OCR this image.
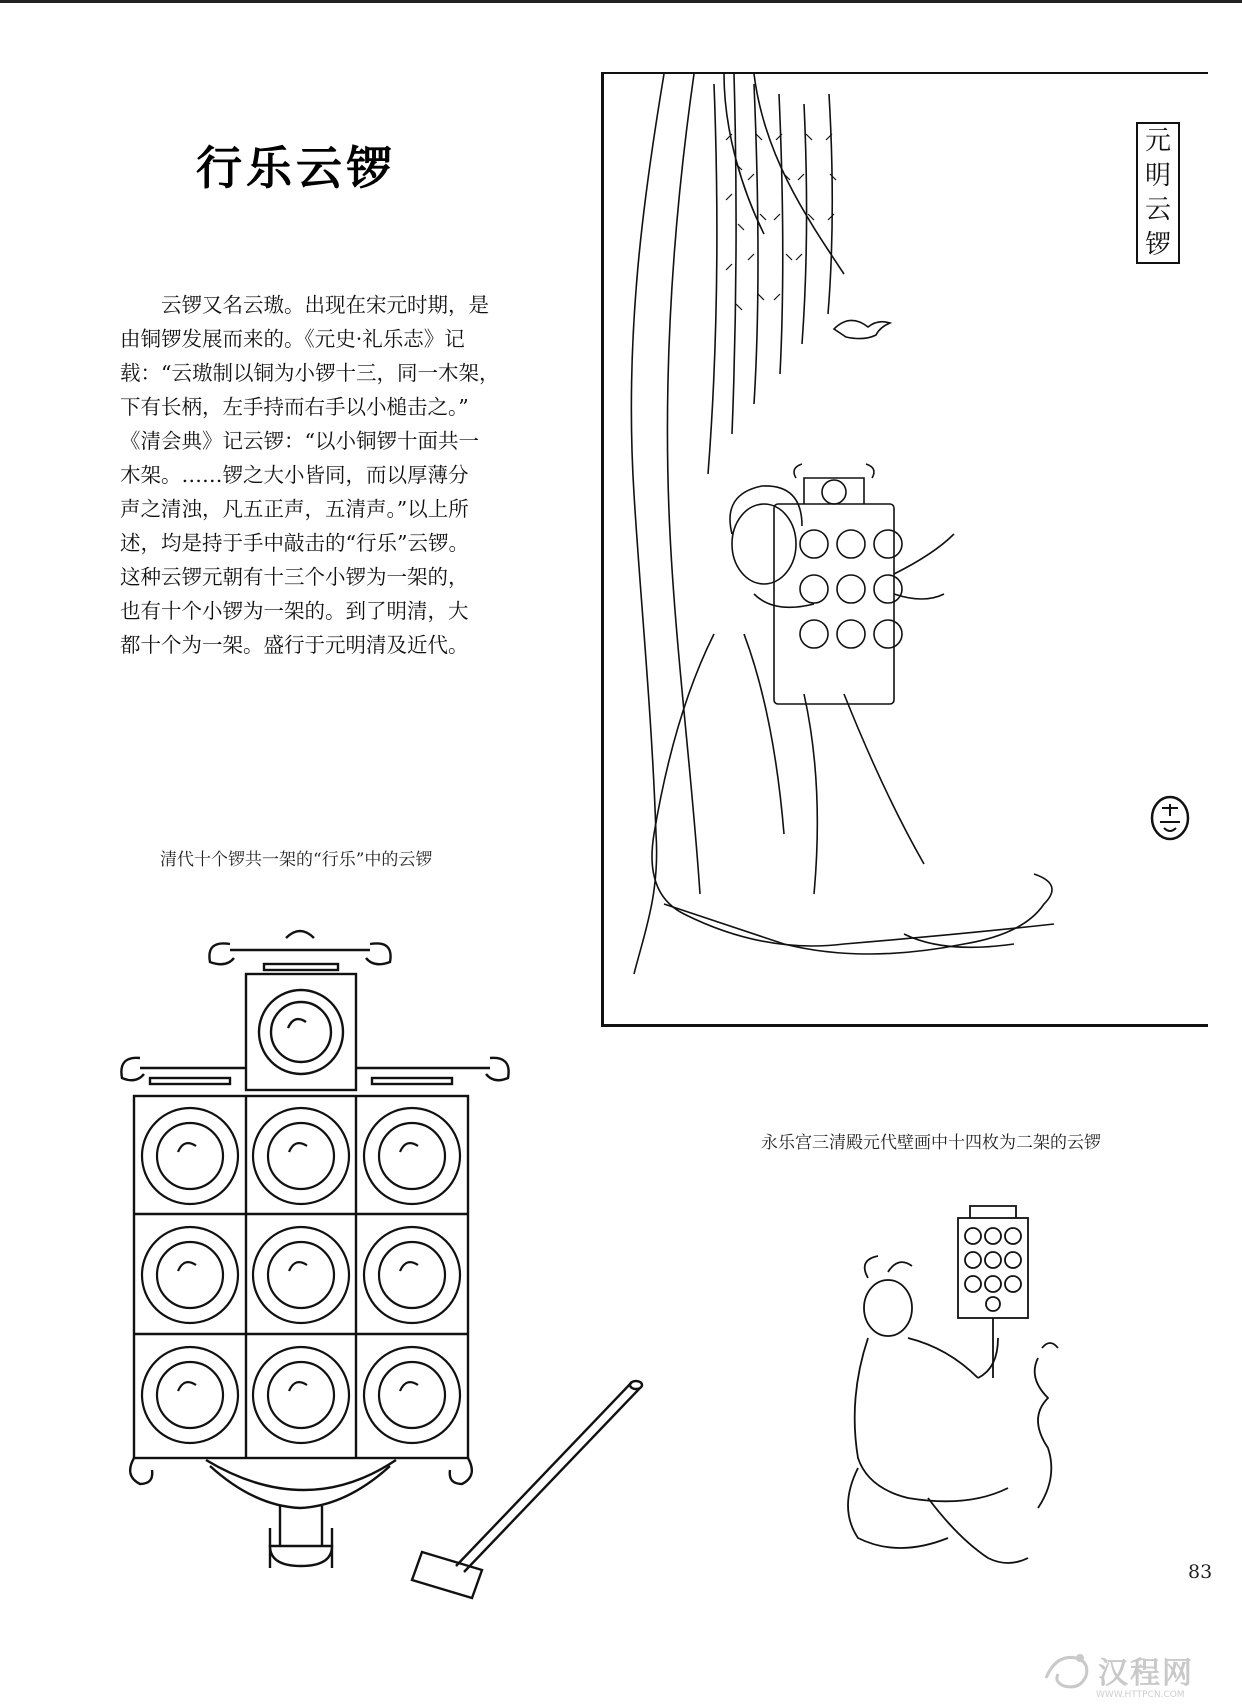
行乐云锣
云锣又名云璈。出现在宋元时期，是
由铜锣发展而来的。《元史·礼乐志》记
载：“云璈制以铜为小锣十三，同一木架，
下有长柄，左手持而右手以小槌击之。”
《清会典》记云锣：“以小铜锣十面共一
木架。……锣之大小皆同，而以厚薄分
声之清浊，凡五正声，五清声。”以上所
述，均是持于手中敲击的“行乐”云锣。
这种云锣元朝有十三个小锣为一架的，
也有十个小锣为一架的。到了明清，大
都十个为一架。盛行于元明清及近代。
清代十个锣共一架的“行乐”中的云锣
元
明
云
锣
永乐宫三清殿元代壁画中十四枚为二架的云锣
83
汉程网
WWW.HTTPCN.COM
